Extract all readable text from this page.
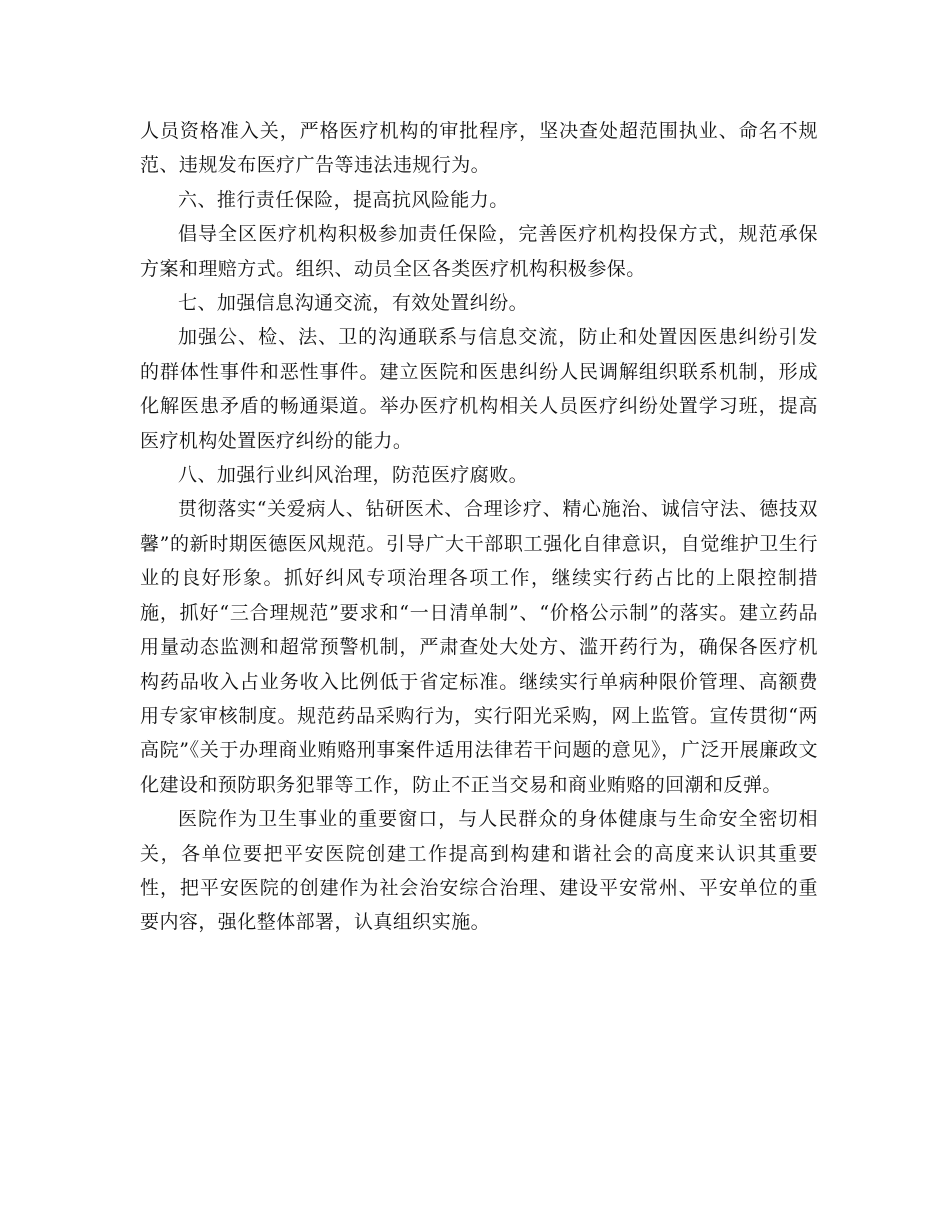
人员资格准入关，严格医疗机构的审批程序，坚决查处超范围执业、命名不规范、违规发布医疗广告等违法违规行为。

六、推行责任保险，提高抗风险能力。

倡导全区医疗机构积极参加责任保险，完善医疗机构投保方式，规范承保方案和理赔方式。组织、动员全区各类医疗机构积极参保。

七、加强信息沟通交流，有效处置纠纷。

加强公、检、法、卫的沟通联系与信息交流，防止和处置因医患纠纷引发的群体性事件和恶性事件。建立医院和医患纠纷人民调解组织联系机制，形成化解医患矛盾的畅通渠道。举办医疗机构相关人员医疗纠纷处置学习班，提高医疗机构处置医疗纠纷的能力。

八、加强行业纠风治理，防范医疗腐败。

贯彻落实“关爱病人、钻研医术、合理诊疗、精心施治、诚信守法、德技双馨”的新时期医德医风规范。引导广大干部职工强化自律意识，自觉维护卫生行业的良好形象。抓好纠风专项治理各项工作，继续实行药占比的上限控制措施，抓好“三合理规范”要求和“一日清单制”、“价格公示制”的落实。建立药品用量动态监测和超常预警机制，严肃查处大处方、滥开药行为，确保各医疗机构药品收入占业务收入比例低于省定标准。继续实行单病种限价管理、高额费用专家审核制度。规范药品采购行为，实行阳光采购，网上监管。宣传贯彻“两高院”《关于办理商业贿赂刑事案件适用法律若干问题的意见》，广泛开展廉政文化建设和预防职务犯罪等工作，防止不正当交易和商业贿赂的回潮和反弹。

医院作为卫生事业的重要窗口，与人民群众的身体健康与生命安全密切相关，各单位要把平安医院创建工作提高到构建和谐社会的高度来认识其重要性，把平安医院的创建作为社会治安综合治理、建设平安常州、平安单位的重要内容，强化整体部署，认真组织实施。
